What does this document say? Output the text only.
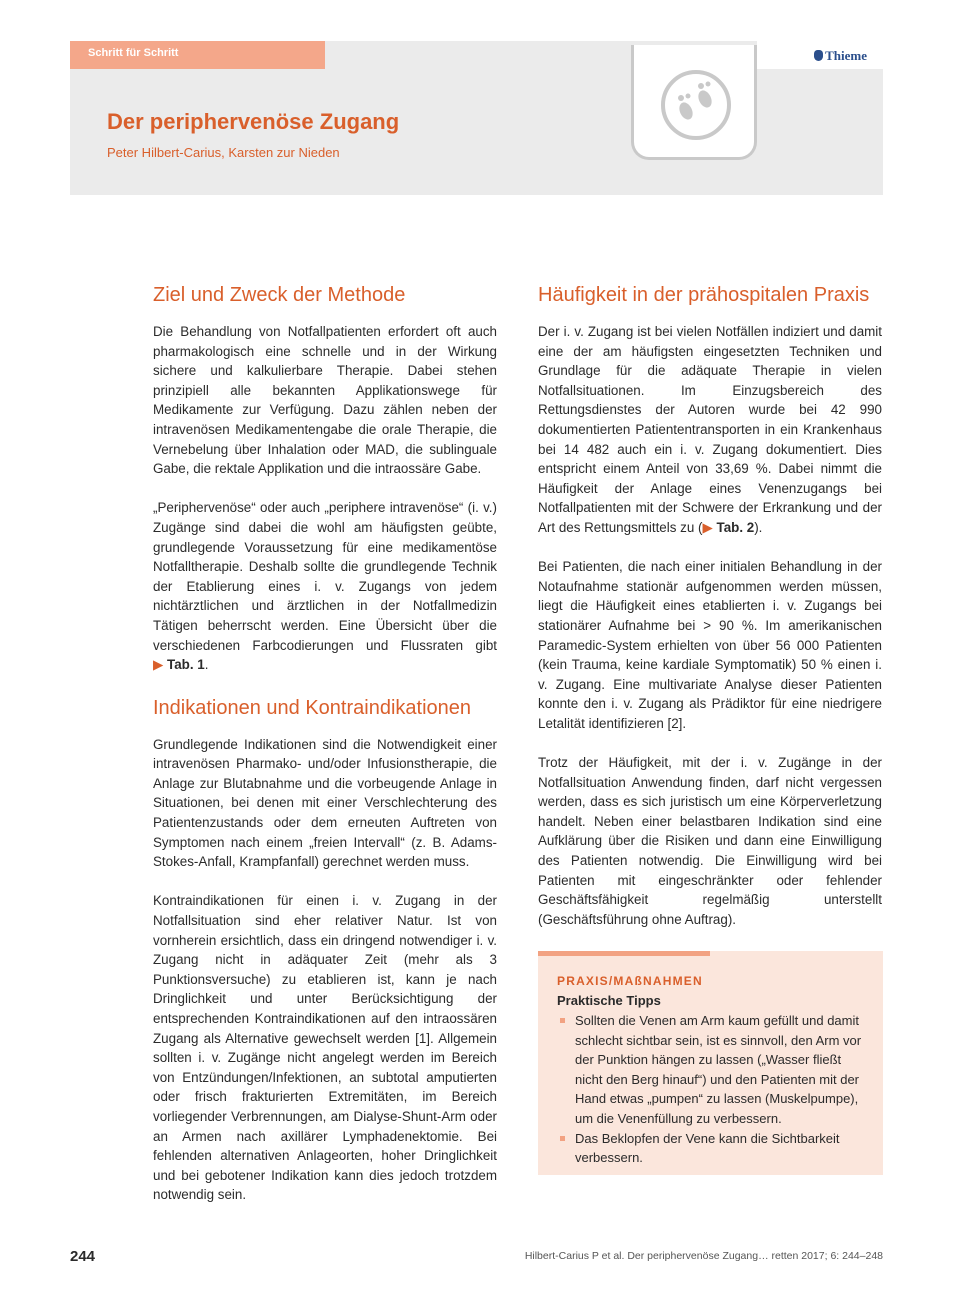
Schritt für Schritt	Thieme
Der periphervenöse Zugang
Peter Hilbert-Carius, Karsten zur Nieden
Ziel und Zweck der Methode

Die Behandlung von Notfallpatienten erfordert oft auch pharmakologisch eine schnelle und in der Wirkung sichere und kalkulierbare Therapie. Dabei stehen prinzipiell alle bekannten Applikationswege für Medikamente zur Verfügung. Dazu zählen neben der intravenösen Medikamentengabe die orale Therapie, die Vernebelung über Inhalation oder MAD, die sublinguale Gabe, die rektale Applikation und die intraossäre Gabe.

„Periphervenöse“ oder auch „periphere intravenöse“ (i. v.) Zugänge sind dabei die wohl am häufigsten geübte, grundlegende Voraussetzung für eine medikamentöse Notfalltherapie. Deshalb sollte die grundlegende Technik der Etablierung eines i. v. Zugangs von jedem nichtärztlichen und ärztlichen in der Notfallmedizin Tätigen beherrscht werden. Eine Übersicht über die verschiedenen Farbcodierungen und Flussraten gibt ▶ Tab. 1.

Indikationen und Kontraindikationen

Grundlegende Indikationen sind die Notwendigkeit einer intravenösen Pharmako- und/oder Infusionstherapie, die Anlage zur Blutabnahme und die vorbeugende Anlage in Situationen, bei denen mit einer Verschlechterung des Patientenzustands oder dem erneuten Auftreten von Symptomen nach einem „freien Intervall“ (z. B. Adams-Stokes-Anfall, Krampfanfall) gerechnet werden muss.

Kontraindikationen für einen i. v. Zugang in der Notfallsituation sind eher relativer Natur. Ist von vornherein ersichtlich, dass ein dringend notwendiger i. v. Zugang nicht in adäquater Zeit (mehr als 3 Punktionsversuche) zu etablieren ist, kann je nach Dringlichkeit und unter Berücksichtigung der entsprechenden Kontraindikationen auf den intraossären Zugang als Alternative gewechselt werden [1]. Allgemein sollten i. v. Zugänge nicht angelegt werden im Bereich von Entzündungen/Infektionen, an subtotal amputierten oder frisch frakturierten Extremitäten, im Bereich vorliegender Verbrennungen, am Dialyse-Shunt-Arm oder an Armen nach axillärer Lymphadenektomie. Bei fehlenden alternativen Anlageorten, hoher Dringlichkeit und bei gebotener Indikation kann dies jedoch trotzdem notwendig sein.

Häufigkeit in der prähospitalen Praxis

Der i. v. Zugang ist bei vielen Notfällen indiziert und damit eine der am häufigsten eingesetzten Techniken und Grundlage für die adäquate Therapie in vielen Notfallsituationen. Im Einzugsbereich des Rettungsdienstes der Autoren wurde bei 42 990 dokumentierten Patiententransporten in ein Krankenhaus bei 14 482 auch ein i. v. Zugang dokumentiert. Dies entspricht einem Anteil von 33,69 %. Dabei nimmt die Häufigkeit der Anlage eines Venenzugangs bei Notfallpatienten mit der Schwere der Erkrankung und der Art des Rettungsmittels zu (▶ Tab. 2).

Bei Patienten, die nach einer initialen Behandlung in der Notaufnahme stationär aufgenommen werden müssen, liegt die Häufigkeit eines etablierten i. v. Zugangs bei stationärer Aufnahme bei > 90 %. Im amerikanischen Paramedic-System erhielten von über 56 000 Patienten (kein Trauma, keine kardiale Symptomatik) 50 % einen i. v. Zugang. Eine multivariate Analyse dieser Patienten konnte den i. v. Zugang als Prädiktor für eine niedrigere Letalität identifizieren [2].

Trotz der Häufigkeit, mit der i. v. Zugänge in der Notfallsituation Anwendung finden, darf nicht vergessen werden, dass es sich juristisch um eine Körperverletzung handelt. Neben einer belastbaren Indikation sind eine Aufklärung über die Risiken und dann eine Einwilligung des Patienten notwendig. Die Einwilligung wird bei Patienten mit eingeschränkter oder fehlender Geschäftsfähigkeit regelmäßig unterstellt (Geschäftsführung ohne Auftrag).

PRAXIS/MAßNAHMEN
Praktische Tipps
Sollten die Venen am Arm kaum gefüllt und damit schlecht sichtbar sein, ist es sinnvoll, den Arm vor der Punktion hängen zu lassen („Wasser fließt nicht den Berg hinauf“) und den Patienten mit der Hand etwas „pumpen“ zu lassen (Muskelpumpe), um die Venenfüllung zu verbessern.
Das Beklopfen der Vene kann die Sichtbarkeit verbessern.
244	Hilbert-Carius P et al. Der periphervenöse Zugang… retten 2017; 6: 244–248
